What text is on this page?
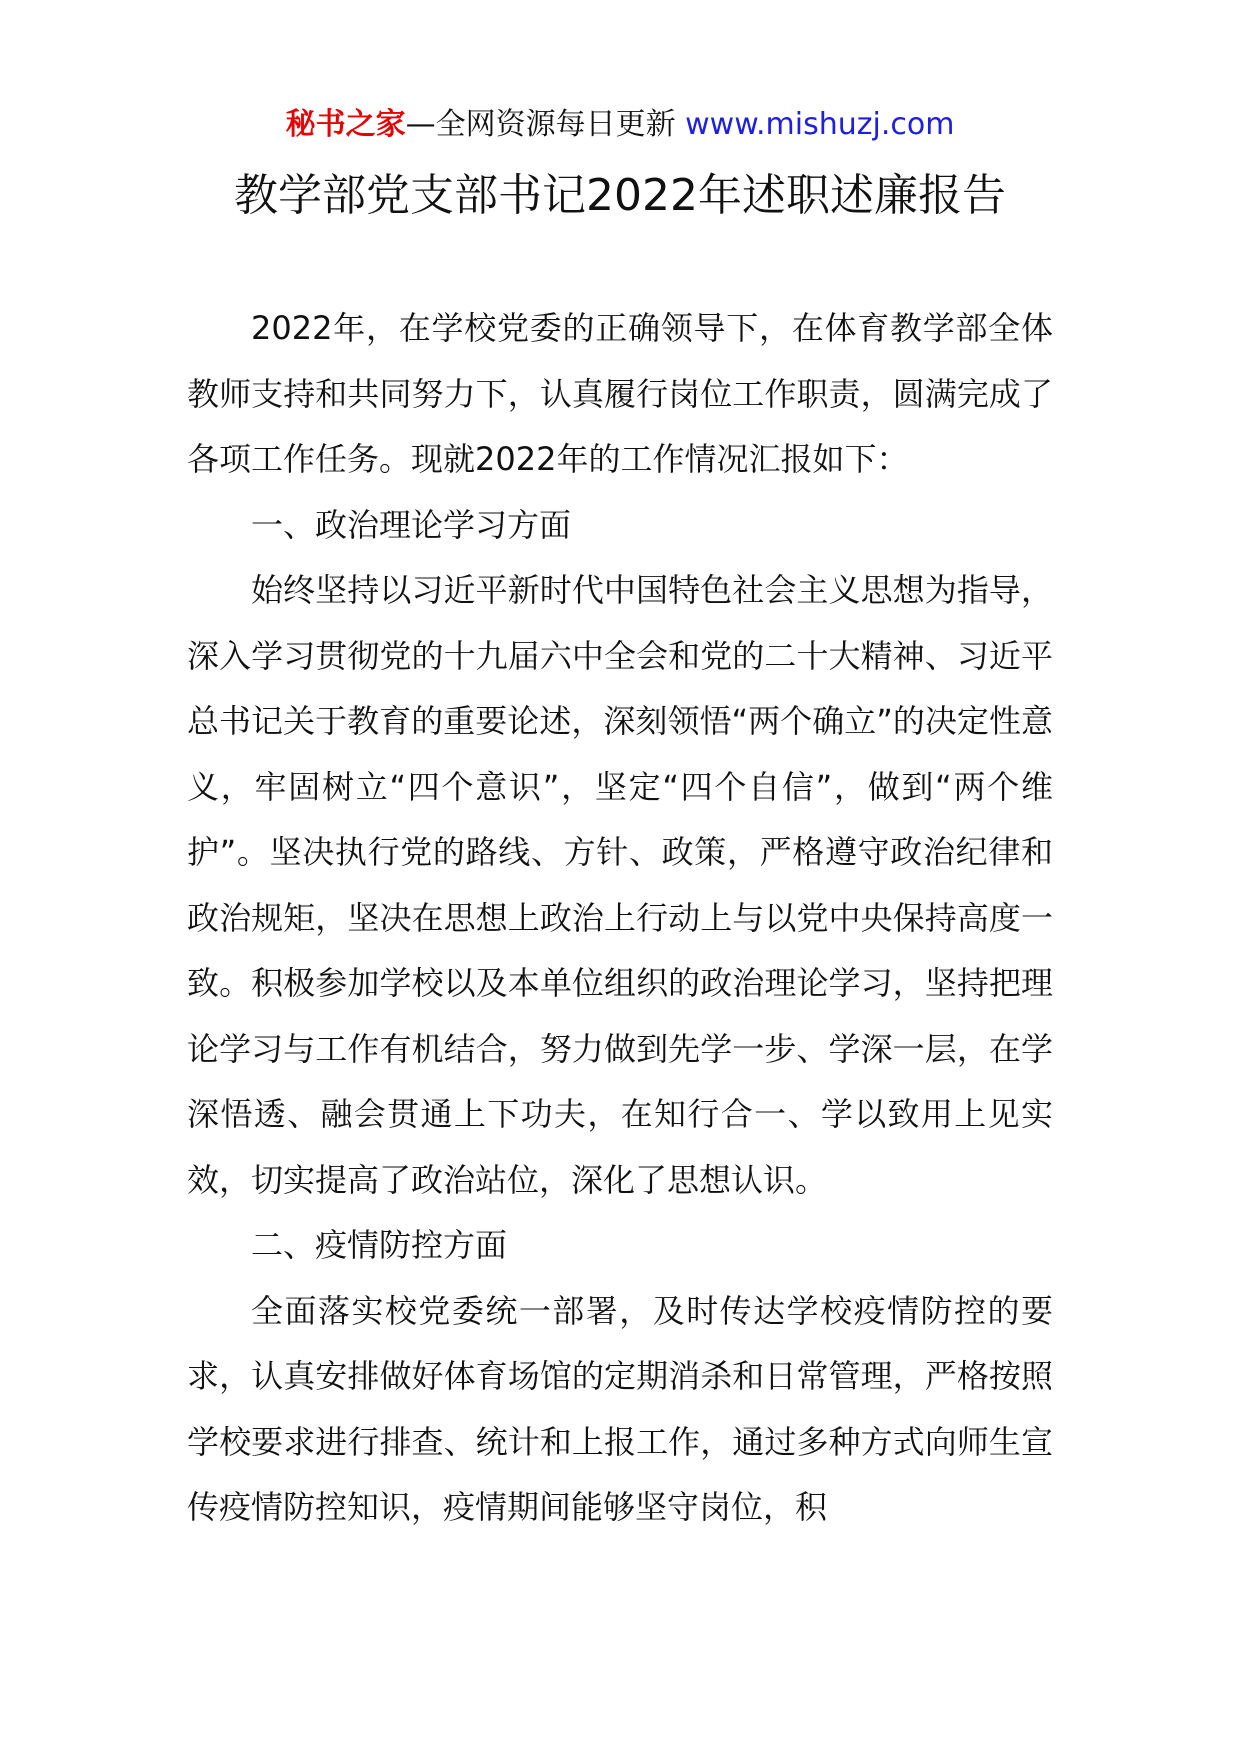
秘书之家—全网资源每日更新 www.mishuzj.com
教学部党支部书记2022年述职述廉报告

2022年，在学校党委的正确领导下，在体育教学部全体教师支持和共同努力下，认真履行岗位工作职责，圆满完成了各项工作任务。现就2022年的工作情况汇报如下：

一、政治理论学习方面

始终坚持以习近平新时代中国特色社会主义思想为指导，深入学习贯彻党的十九届六中全会和党的二十大精神、习近平总书记关于教育的重要论述，深刻领悟“两个确立”的决定性意义，牢固树立“四个意识”，坚定“四个自信”，做到“两个维护”。坚决执行党的路线、方针、政策，严格遵守政治纪律和政治规矩，坚决在思想上政治上行动上与以党中央保持高度一致。积极参加学校以及本单位组织的政治理论学习，坚持把理论学习与工作有机结合，努力做到先学一步、学深一层，在学深悟透、融会贯通上下功夫，在知行合一、学以致用上见实效，切实提高了政治站位，深化了思想认识。

二、疫情防控方面

全面落实校党委统一部署，及时传达学校疫情防控的要求，认真安排做好体育场馆的定期消杀和日常管理，严格按照学校要求进行排查、统计和上报工作，通过多种方式向师生宣传疫情防控知识，疫情期间能够坚守岗位，积
